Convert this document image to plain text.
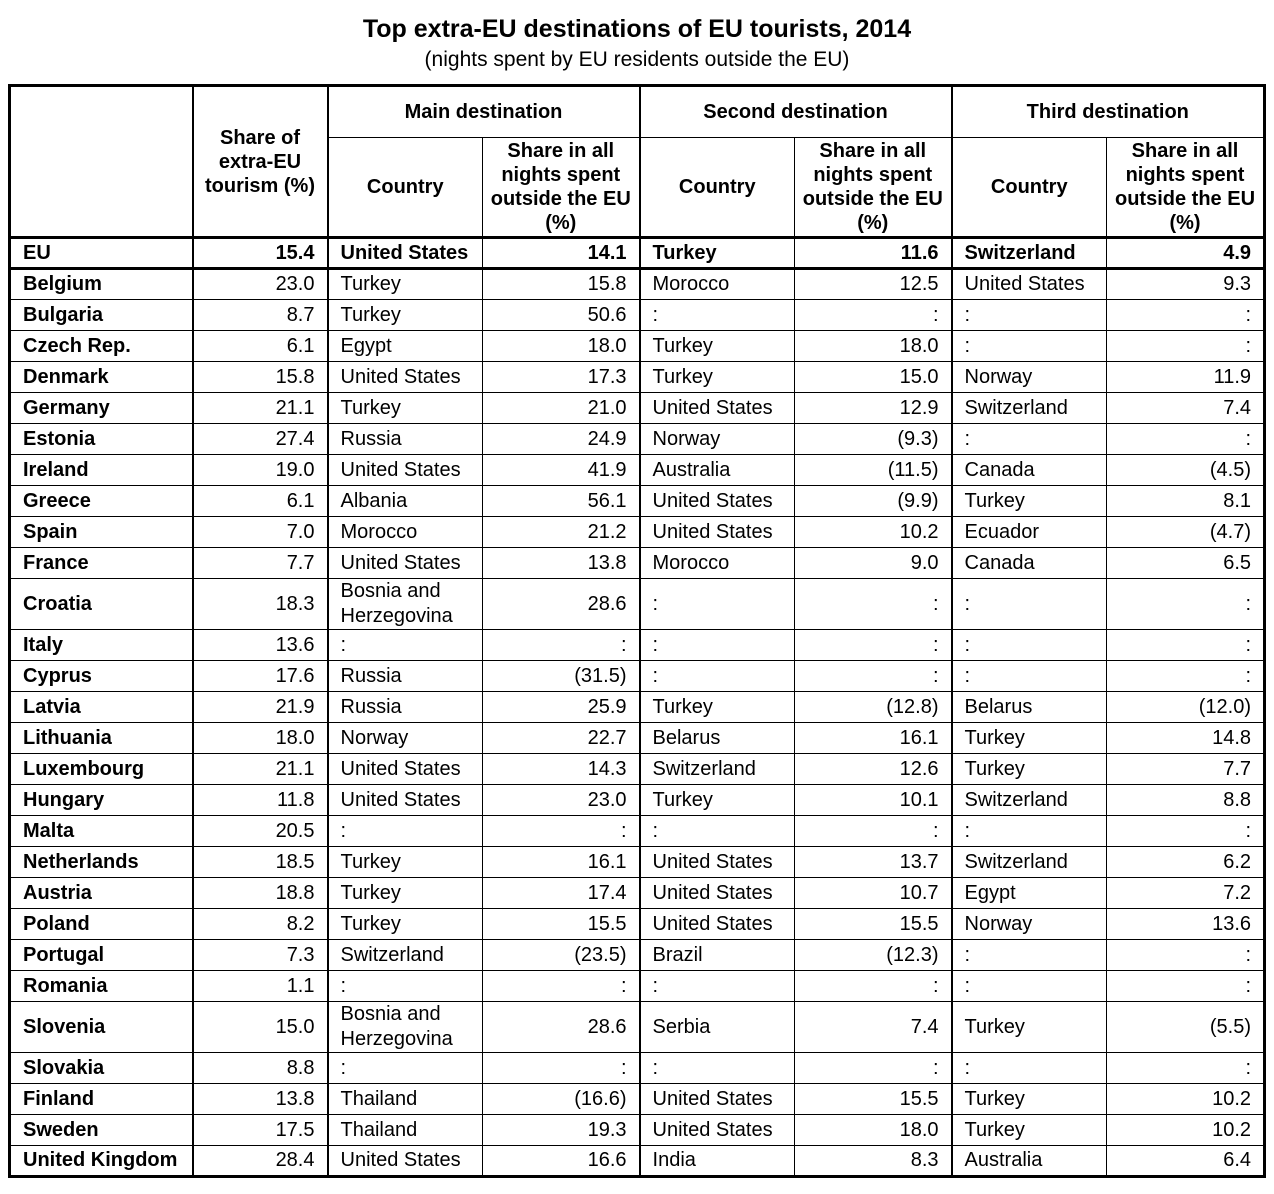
Top extra-EU destinations of EU tourists, 2014
(nights spent by EU residents outside the EU)
	Share of extra-EU tourism (%)	Main destination		Second destination		Third destination	
		Country	Share in all nights spent outside the EU (%)	Country	Share in all nights spent outside the EU (%)	Country	Share in all nights spent outside the EU (%)
EU	15.4	United States	14.1	Turkey	11.6	Switzerland	4.9
Belgium	23.0	Turkey	15.8	Morocco	12.5	United States	9.3
Bulgaria	8.7	Turkey	50.6	:	:	:	:
Czech Rep.	6.1	Egypt	18.0	Turkey	18.0	:	:
Denmark	15.8	United States	17.3	Turkey	15.0	Norway	11.9
Germany	21.1	Turkey	21.0	United States	12.9	Switzerland	7.4
Estonia	27.4	Russia	24.9	Norway	(9.3)	:	:
Ireland	19.0	United States	41.9	Australia	(11.5)	Canada	(4.5)
Greece	6.1	Albania	56.1	United States	(9.9)	Turkey	8.1
Spain	7.0	Morocco	21.2	United States	10.2	Ecuador	(4.7)
France	7.7	United States	13.8	Morocco	9.0	Canada	6.5
Croatia	18.3	Bosnia and Herzegovina	28.6	:	:	:	:
Italy	13.6	:	:	:	:	:	:
Cyprus	17.6	Russia	(31.5)	:	:	:	:
Latvia	21.9	Russia	25.9	Turkey	(12.8)	Belarus	(12.0)
Lithuania	18.0	Norway	22.7	Belarus	16.1	Turkey	14.8
Luxembourg	21.1	United States	14.3	Switzerland	12.6	Turkey	7.7
Hungary	11.8	United States	23.0	Turkey	10.1	Switzerland	8.8
Malta	20.5	:	:	:	:	:	:
Netherlands	18.5	Turkey	16.1	United States	13.7	Switzerland	6.2
Austria	18.8	Turkey	17.4	United States	10.7	Egypt	7.2
Poland	8.2	Turkey	15.5	United States	15.5	Norway	13.6
Portugal	7.3	Switzerland	(23.5)	Brazil	(12.3)	:	:
Romania	1.1	:	:	:	:	:	:
Slovenia	15.0	Bosnia and Herzegovina	28.6	Serbia	7.4	Turkey	(5.5)
Slovakia	8.8	:	:	:	:	:	:
Finland	13.8	Thailand	(16.6)	United States	15.5	Turkey	10.2
Sweden	17.5	Thailand	19.3	United States	18.0	Turkey	10.2
United Kingdom	28.4	United States	16.6	India	8.3	Australia	6.4
